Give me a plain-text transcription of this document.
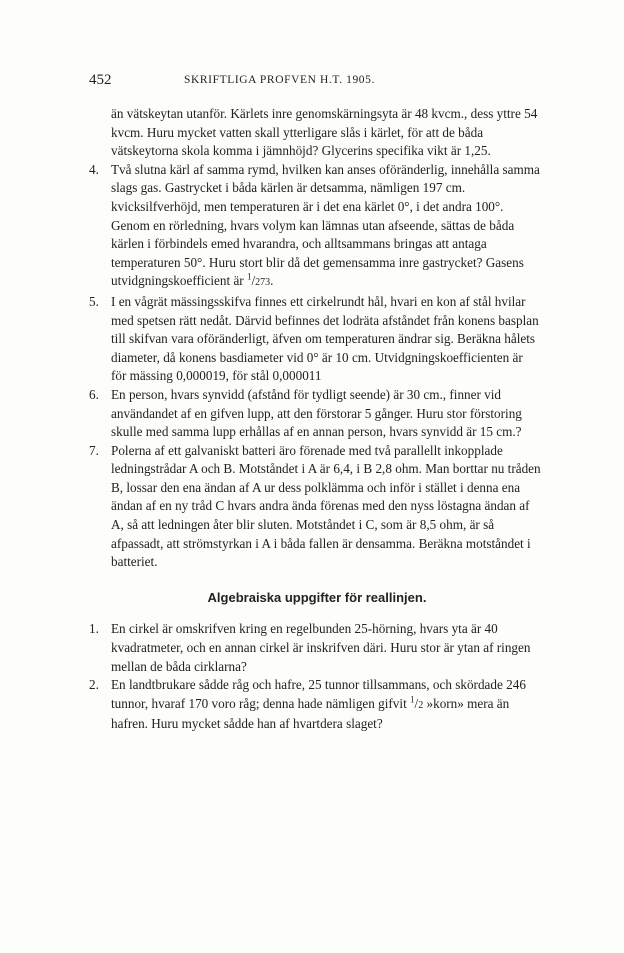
452	SKRIFTLIGA PROFVEN H.T. 1905.
än vätskeytan utanför. Kärlets inre genomskärningsyta är 48 kvcm., dess yttre 54 kvcm. Huru mycket vatten skall ytterligare slås i kärlet, för att de båda vätskeytorna skola komma i jämnhöjd? Glycerins specifika vikt är 1,25.
4. Två slutna kärl af samma rymd, hvilken kan anses oföränderlig, innehålla samma slags gas. Gastrycket i båda kärlen är detsamma, nämligen 197 cm. kvicksilfverhöjd, men temperaturen är i det ena kärlet 0°, i det andra 100°. Genom en rörledning, hvars volym kan lämnas utan afseende, sättas de båda kärlen i förbindels emed hvarandra, och alltsammans bringas att antaga temperaturen 50°. Huru stort blir då det gemensamma inre gastrycket? Gasens utvidgningskoefficient är $^1$/273.
5. I en vågrät mässingsskifva finnes ett cirkelrundt hål, hvari en kon af stål hvilar med spetsen rätt nedåt. Därvid befinnes det lodräta afståndet från konens basplan till skifvan vara oföränderligt, äfven om temperaturen ändrar sig. Beräkna hålets diameter, då konens basdiameter vid 0° är 10 cm. Utvidgningskoefficienten är för mässing 0,000019, för stål 0,000011
6. En person, hvars synvidd (afstånd för tydligt seende) är 30 cm., finner vid användandet af en gifven lupp, att den förstorar 5 gånger. Huru stor förstoring skulle med samma lupp erhållas af en annan person, hvars synvidd är 15 cm.?
7. Polerna af ett galvaniskt batteri äro förenade med två parallellt inkopplade ledningstrådar A och B. Motståndet i A är 6,4, i B 2,8 ohm. Man borttar nu tråden B, lossar den ena ändan af A ur dess polklämma och inför i stället i denna ena ändan af en ny tråd C hvars andra ända förenas med den nyss löstagna ändan af A, så att ledningen åter blir sluten. Motståndet i C, som är 8,5 ohm, är så afpassadt, att strömstyrkan i A i båda fallen är densamma. Beräkna motståndet i batteriet.
Algebraiska uppgifter för reallinjen.
1. En cirkel är omskrifven kring en regelbunden 25-hörning, hvars yta är 40 kvadratmeter, och en annan cirkel är inskrifven däri. Huru stor är ytan af ringen mellan de båda cirklarna?
2. En landtbrukare sådde råg och hafre, 25 tunnor tillsammans, och skördade 246 tunnor, hvaraf 170 voro råg; denna hade nämligen gifvit $^1$/2 »korn» mera än hafren. Huru mycket sådde han af hvartdera slaget?
